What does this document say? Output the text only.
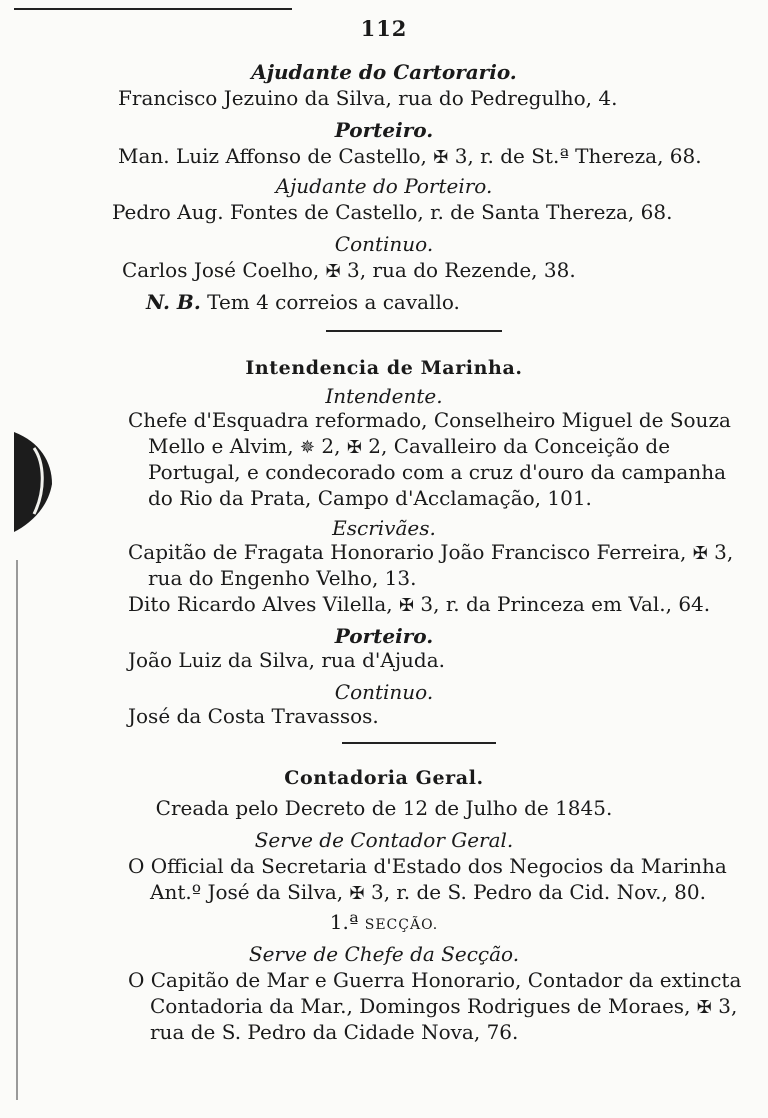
112
Ajudante do Cartorario.
Francisco Jezuino da Silva, rua do Pedregulho, 4.
Porteiro.
Man. Luiz Affonso de Castello, ✠ 3, r. de St.ª Thereza, 68.
Ajudante do Porteiro.
Pedro Aug. Fontes de Castello, r. de Santa Thereza, 68.
Continuo.
Carlos José Coelho, ✠ 3, rua do Rezende, 38.
N. B. Tem 4 correios a cavallo.
Intendencia de Marinha.
Intendente.
Chefe d'Esquadra reformado, Conselheiro Miguel de Souza
Mello e Alvim, ✵ 2, ✠ 2, Cavalleiro da Conceição de
Portugal, e condecorado com a cruz d'ouro da campanha
do Rio da Prata, Campo d'Acclamação, 101.
Escrivães.
Capitão de Fragata Honorario João Francisco Ferreira, ✠ 3,
rua do Engenho Velho, 13.
Dito Ricardo Alves Vilella, ✠ 3, r. da Princeza em Val., 64.
Porteiro.
João Luiz da Silva, rua d'Ajuda.
Continuo.
José da Costa Travassos.
Contadoria Geral.
Creada pelo Decreto de 12 de Julho de 1845.
Serve de Contador Geral.
O Official da Secretaria d'Estado dos Negocios da Marinha
Ant.º José da Silva, ✠ 3, r. de S. Pedro da Cid. Nov., 80.
1.ª SECÇÃO.
Serve de Chefe da Secção.
O Capitão de Mar e Guerra Honorario, Contador da extincta
Contadoria da Mar., Domingos Rodrigues de Moraes, ✠ 3,
rua de S. Pedro da Cidade Nova, 76.
